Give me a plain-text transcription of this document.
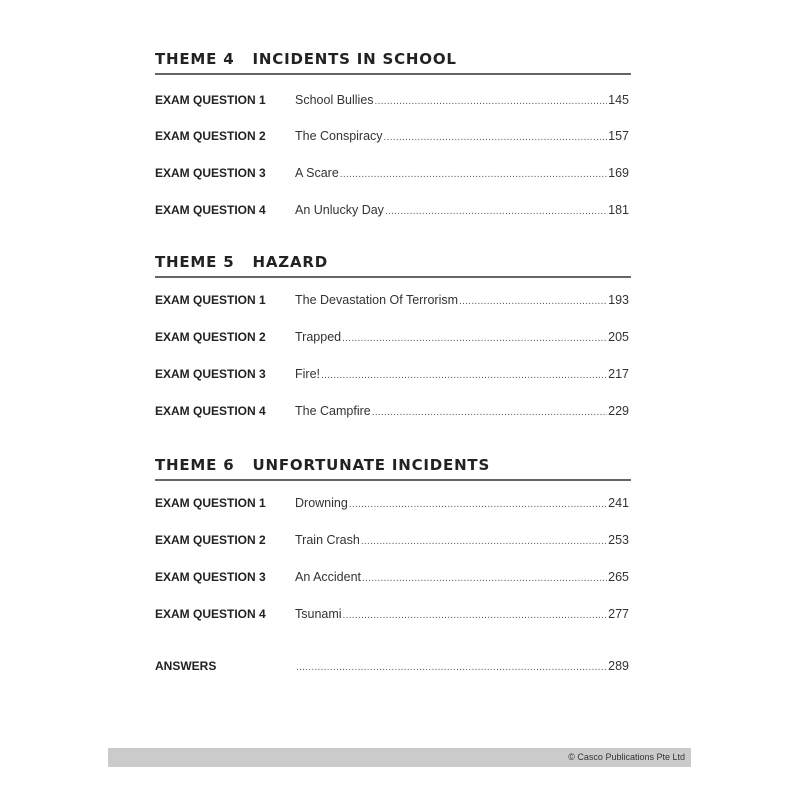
THEME 4   INCIDENTS IN SCHOOL
EXAM QUESTION 1 School Bullies .....	145
EXAM QUESTION 2 The Conspiracy .....	157
EXAM QUESTION 3 A Scare .....	169
EXAM QUESTION 4 An Unlucky Day .....	181
THEME 5   HAZARD
EXAM QUESTION 1 The Devastation Of Terrorism .....	193
EXAM QUESTION 2 Trapped .....	205
EXAM QUESTION 3 Fire! .....	217
EXAM QUESTION 4 The Campfire .....	229
THEME 6   UNFORTUNATE INCIDENTS
EXAM QUESTION 1 Drowning .....	241
EXAM QUESTION 2 Train Crash .....	253
EXAM QUESTION 3 An Accident .....	265
EXAM QUESTION 4 Tsunami .....	277
ANSWERS .....	289
© Casco Publications Pte Ltd
